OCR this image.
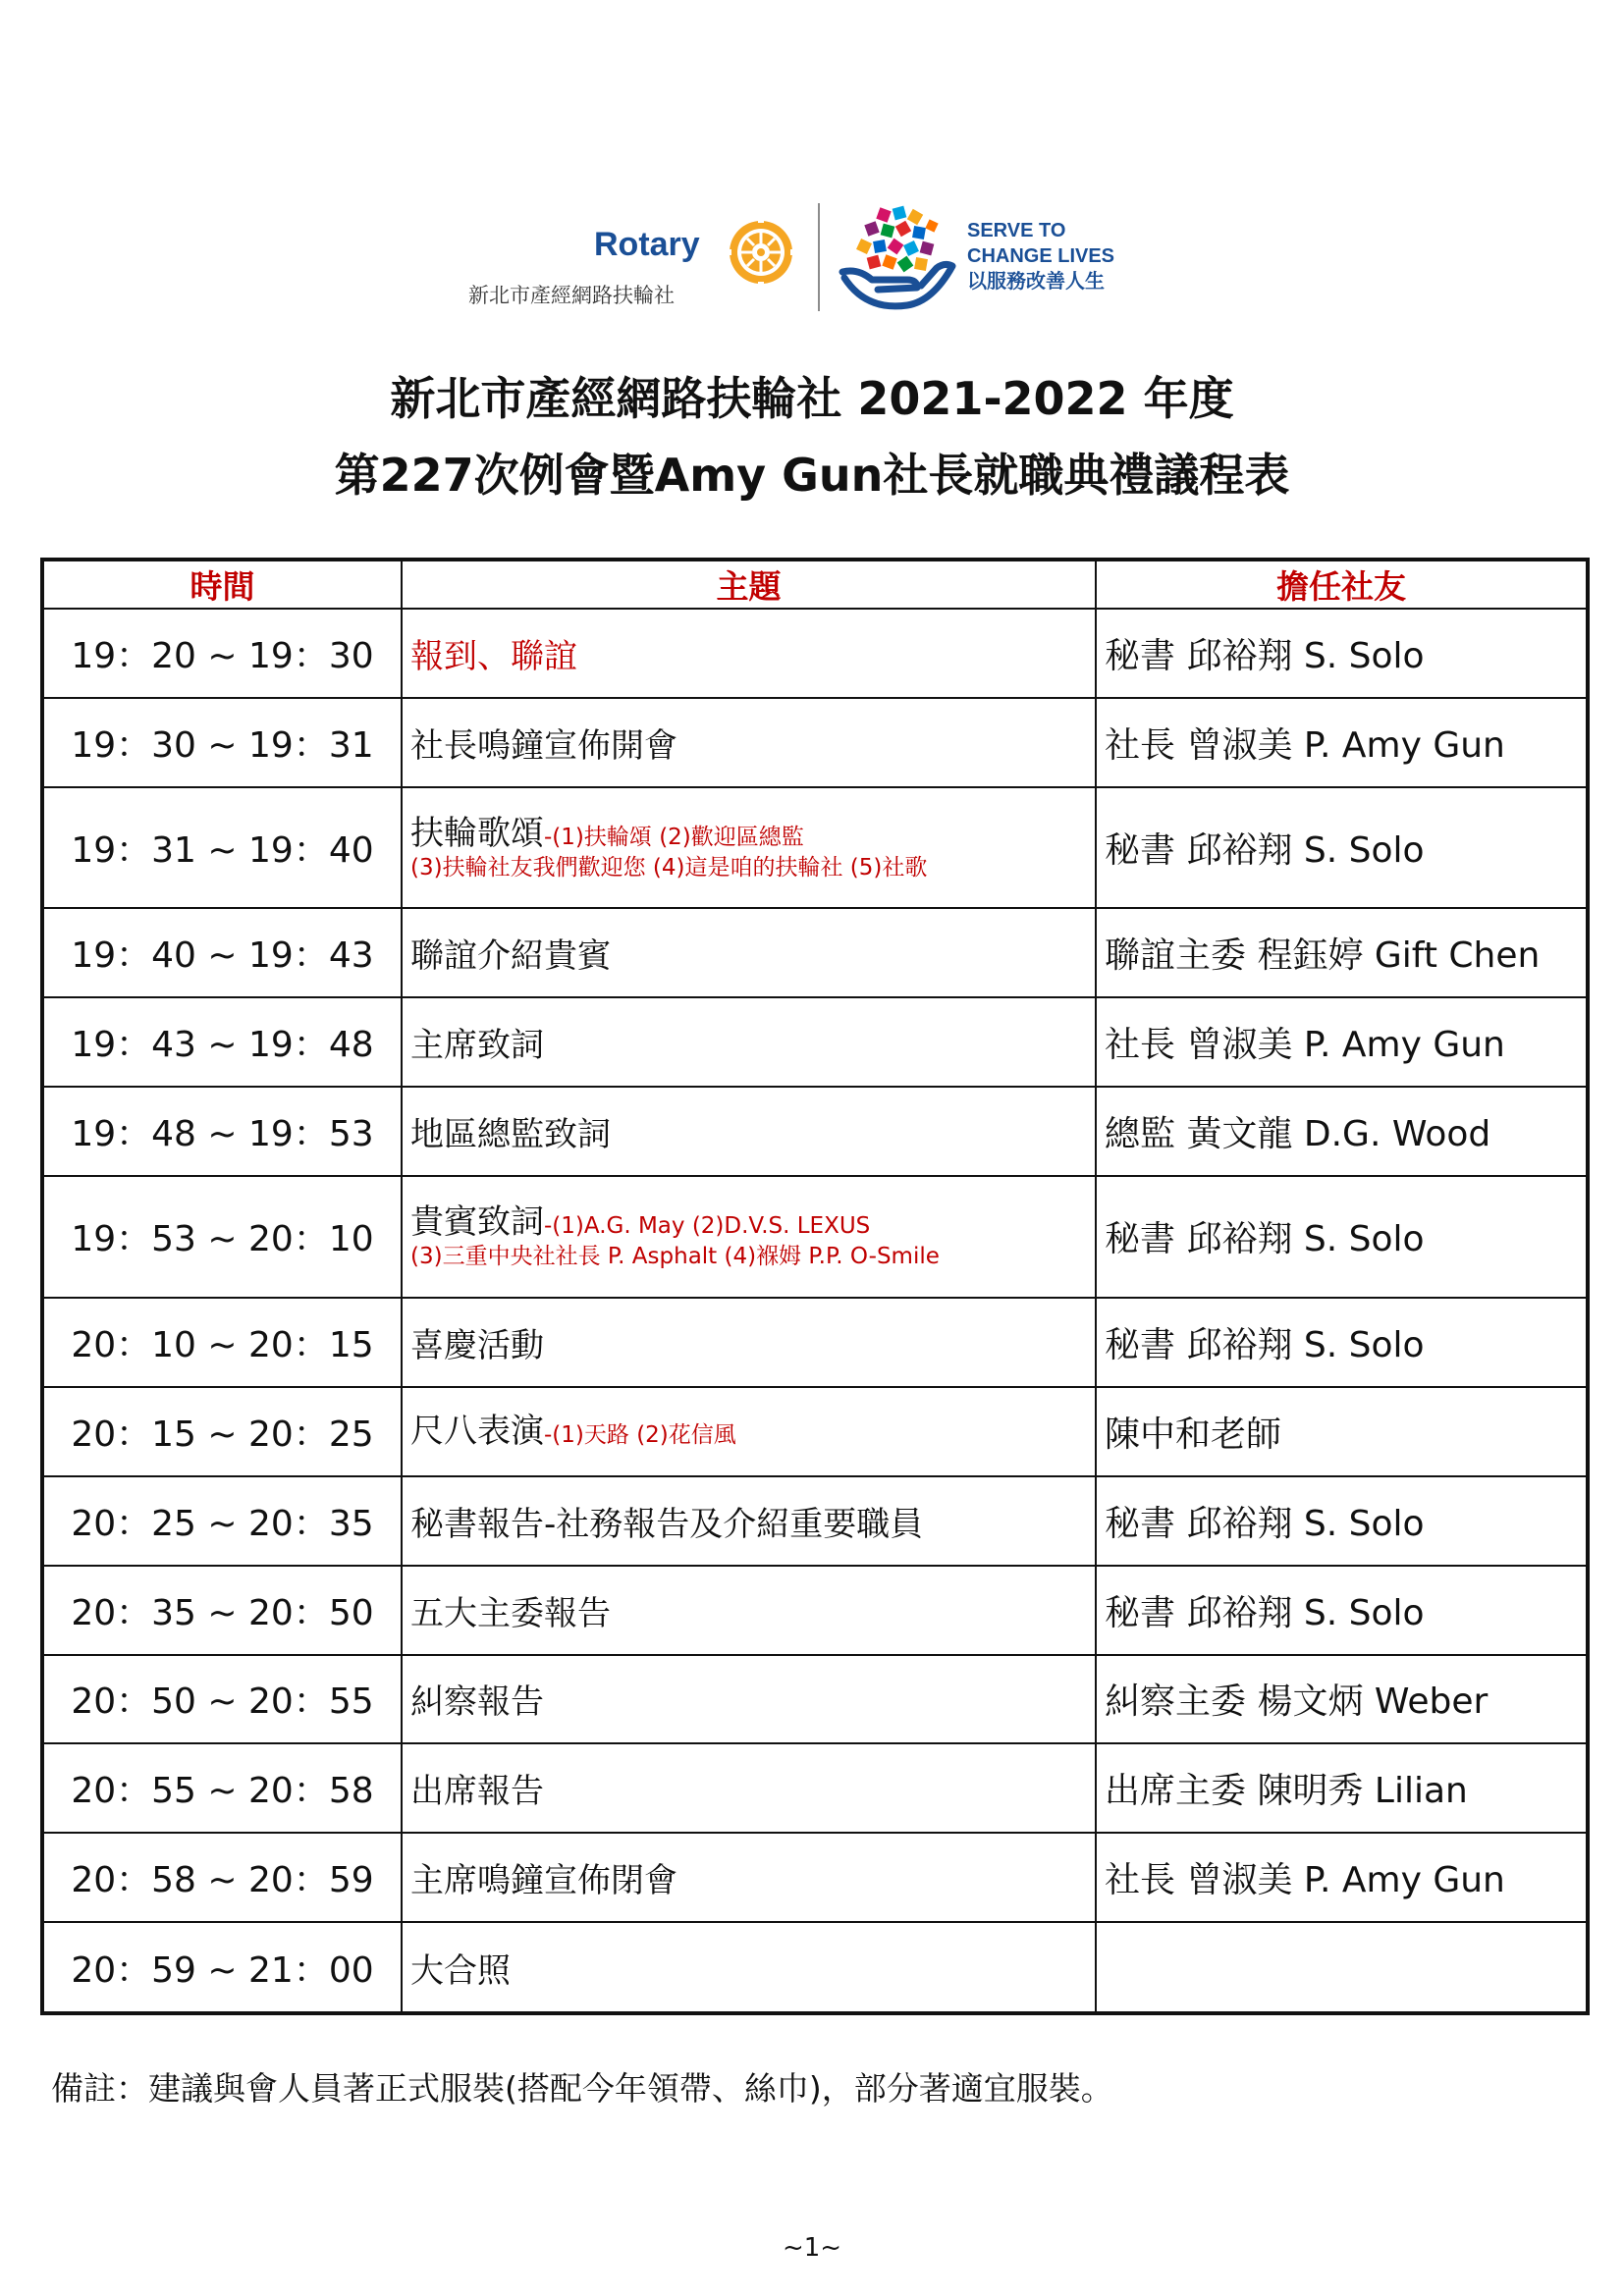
Rotary
新北市產經網路扶輪社
SERVE TO
CHANGE LIVES
以服務改善人生
新北市產經網路扶輪社 2021-2022 年度
第227次例會暨Amy Gun社長就職典禮議程表
時間	主題	擔任社友
19：20 ~ 19：30	報到、聯誼	秘書 邱裕翔 S. Solo
19：30 ~ 19：31	社長鳴鐘宣佈開會	社長 曾淑美 P. Amy Gun
19：31 ~ 19：40	扶輪歌頌-(1)扶輪頌 (2)歡迎區總監
(3)扶輪社友我們歡迎您 (4)這是咱的扶輪社 (5)社歌	秘書 邱裕翔 S. Solo
19：40 ~ 19：43	聯誼介紹貴賓	聯誼主委 程鈺婷 Gift Chen
19：43 ~ 19：48	主席致詞	社長 曾淑美 P. Amy Gun
19：48 ~ 19：53	地區總監致詞	總監 黃文龍 D.G. Wood
19：53 ~ 20：10	貴賓致詞-(1)A.G. May (2)D.V.S. LEXUS
(3)三重中央社社長 P. Asphalt (4)褓姆 P.P. O-Smile	秘書 邱裕翔 S. Solo
20：10 ~ 20：15	喜慶活動	秘書 邱裕翔 S. Solo
20：15 ~ 20：25	尺八表演-(1)天路 (2)花信風	陳中和老師
20：25 ~ 20：35	秘書報告-社務報告及介紹重要職員	秘書 邱裕翔 S. Solo
20：35 ~ 20：50	五大主委報告	秘書 邱裕翔 S. Solo
20：50 ~ 20：55	糾察報告	糾察主委 楊文炳 Weber
20：55 ~ 20：58	出席報告	出席主委 陳明秀 Lilian
20：58 ~ 20：59	主席鳴鐘宣佈閉會	社長 曾淑美 P. Amy Gun
20：59 ~ 21：00	大合照	
備註：建議與會人員著正式服裝(搭配今年領帶、絲巾)，部分著適宜服裝。
~1~
